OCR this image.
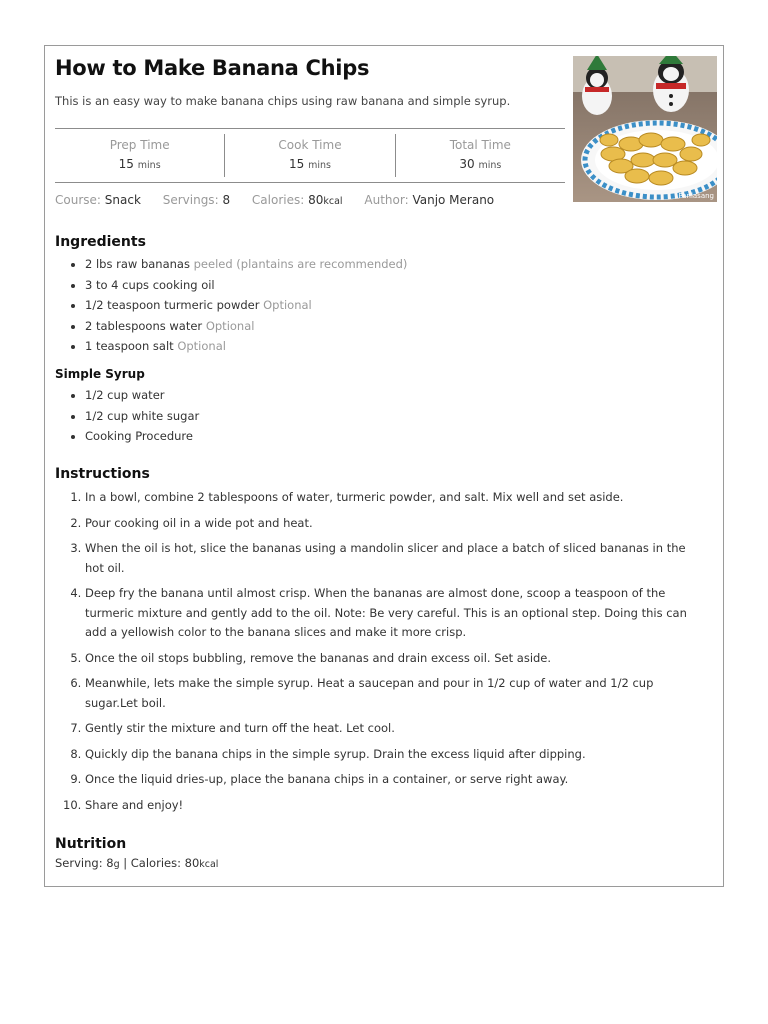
How to Make Banana Chips
This is an easy way to make banana chips using raw banana and simple syrup.
Panlasang
Prep Time
15 mins
Cook Time
15 mins
Total Time
30 mins
Course: Snack Servings: 8 Calories: 80kcal Author: Vanjo Merano
Ingredients
• 2 lbs raw bananas peeled (plantains are recommended)
• 3 to 4 cups cooking oil
• 1/2 teaspoon turmeric powder Optional
• 2 tablespoons water Optional
• 1 teaspoon salt Optional
Simple Syrup
• 1/2 cup water
• 1/2 cup white sugar
• Cooking Procedure
Instructions
1. In a bowl, combine 2 tablespoons of water, turmeric powder, and salt. Mix well and set aside.
2. Pour cooking oil in a wide pot and heat.
3. When the oil is hot, slice the bananas using a mandolin slicer and place a batch of sliced bananas in the hot oil.
4. Deep fry the banana until almost crisp. When the bananas are almost done, scoop a teaspoon of the turmeric mixture and gently add to the oil. Note: Be very careful. This is an optional step. Doing this can add a yellowish color to the banana slices and make it more crisp.
5. Once the oil stops bubbling, remove the bananas and drain excess oil. Set aside.
6. Meanwhile, lets make the simple syrup. Heat a saucepan and pour in 1/2 cup of water and 1/2 cup sugar.Let boil.
7. Gently stir the mixture and turn off the heat. Let cool.
8. Quickly dip the banana chips in the simple syrup. Drain the excess liquid after dipping.
9. Once the liquid dries-up, place the banana chips in a container, or serve right away.
10. Share and enjoy!
Nutrition
Serving: 8g | Calories: 80kcal
